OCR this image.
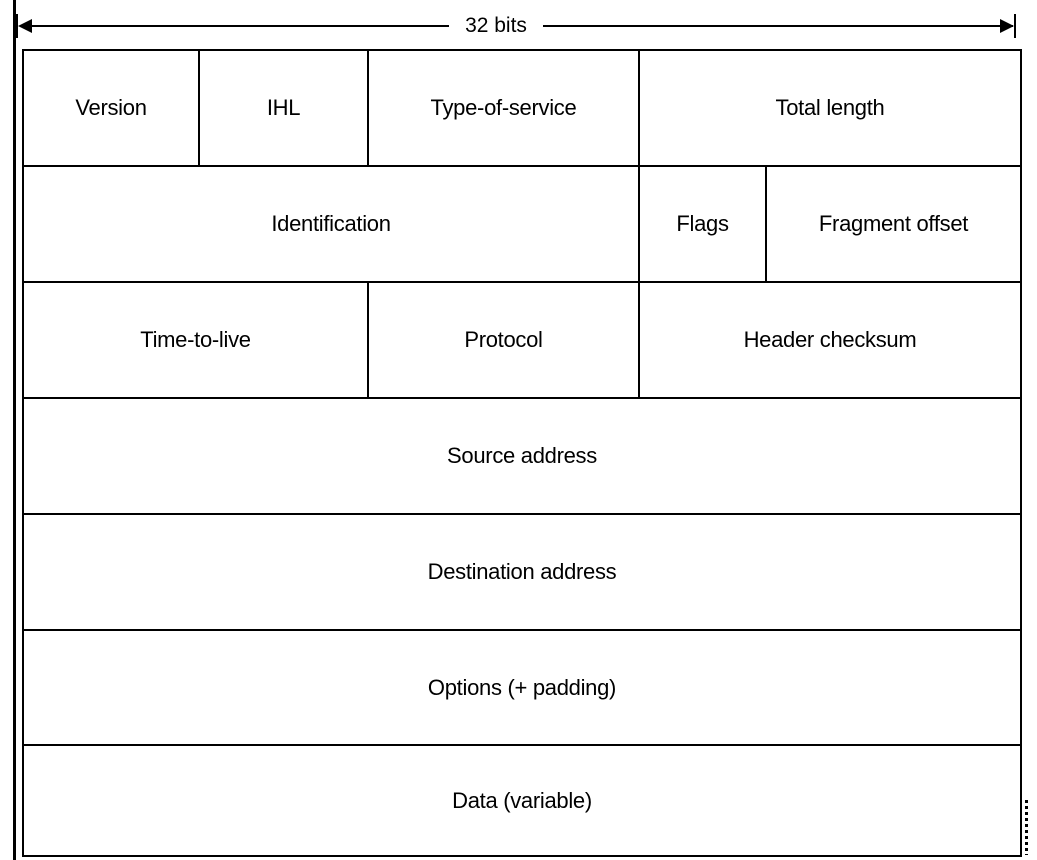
32 bits
Version	IHL	Type-of-service	Total length
Identification	Flags	Fragment offset
Time-to-live	Protocol	Header checksum
Source address
Destination address
Options (+ padding)
Data (variable)
